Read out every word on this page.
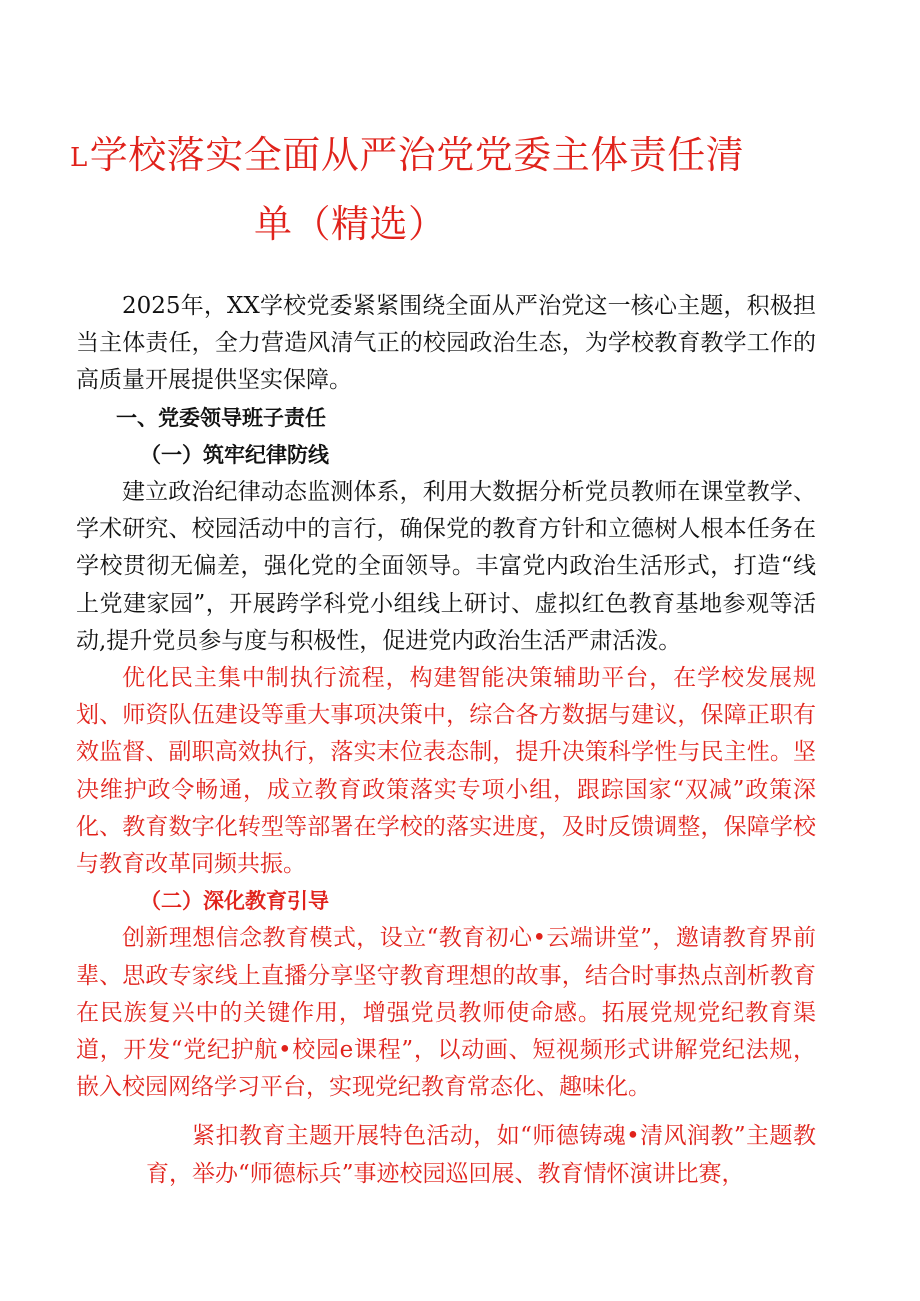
L学校落实全面从严治党党委主体责任清
单（精选）

2025年，XX学校党委紧紧围绕全面从严治党这一核心主题，积极担当主体责任，全力营造风清气正的校园政治生态，为学校教育教学工作的高质量开展提供坚实保障。

一、党委领导班子责任
（一）筑牢纪律防线

建立政治纪律动态监测体系，利用大数据分析党员教师在课堂教学、学术研究、校园活动中的言行，确保党的教育方针和立德树人根本任务在学校贯彻无偏差，强化党的全面领导。丰富党内政治生活形式，打造“线上党建家园”，开展跨学科党小组线上研讨、虚拟红色教育基地参观等活动,提升党员参与度与积极性，促进党内政治生活严肃活泼。

优化民主集中制执行流程，构建智能决策辅助平台，在学校发展规划、师资队伍建设等重大事项决策中，综合各方数据与建议，保障正职有效监督、副职高效执行，落实末位表态制，提升决策科学性与民主性。坚决维护政令畅通，成立教育政策落实专项小组，跟踪国家“双减”政策深化、教育数字化转型等部署在学校的落实进度，及时反馈调整，保障学校与教育改革同频共振。

（二）深化教育引导

创新理想信念教育模式，设立“教育初心•云端讲堂”，邀请教育界前辈、思政专家线上直播分享坚守教育理想的故事，结合时事热点剖析教育在民族复兴中的关键作用，增强党员教师使命感。拓展党规党纪教育渠道，开发“党纪护航•校园e课程”，以动画、短视频形式讲解党纪法规，嵌入校园网络学习平台，实现党纪教育常态化、趣味化。

紧扣教育主题开展特色活动，如“师德铸魂•清风润教”主题教育，举办“师德标兵”事迹校园巡回展、教育情怀演讲比赛，
